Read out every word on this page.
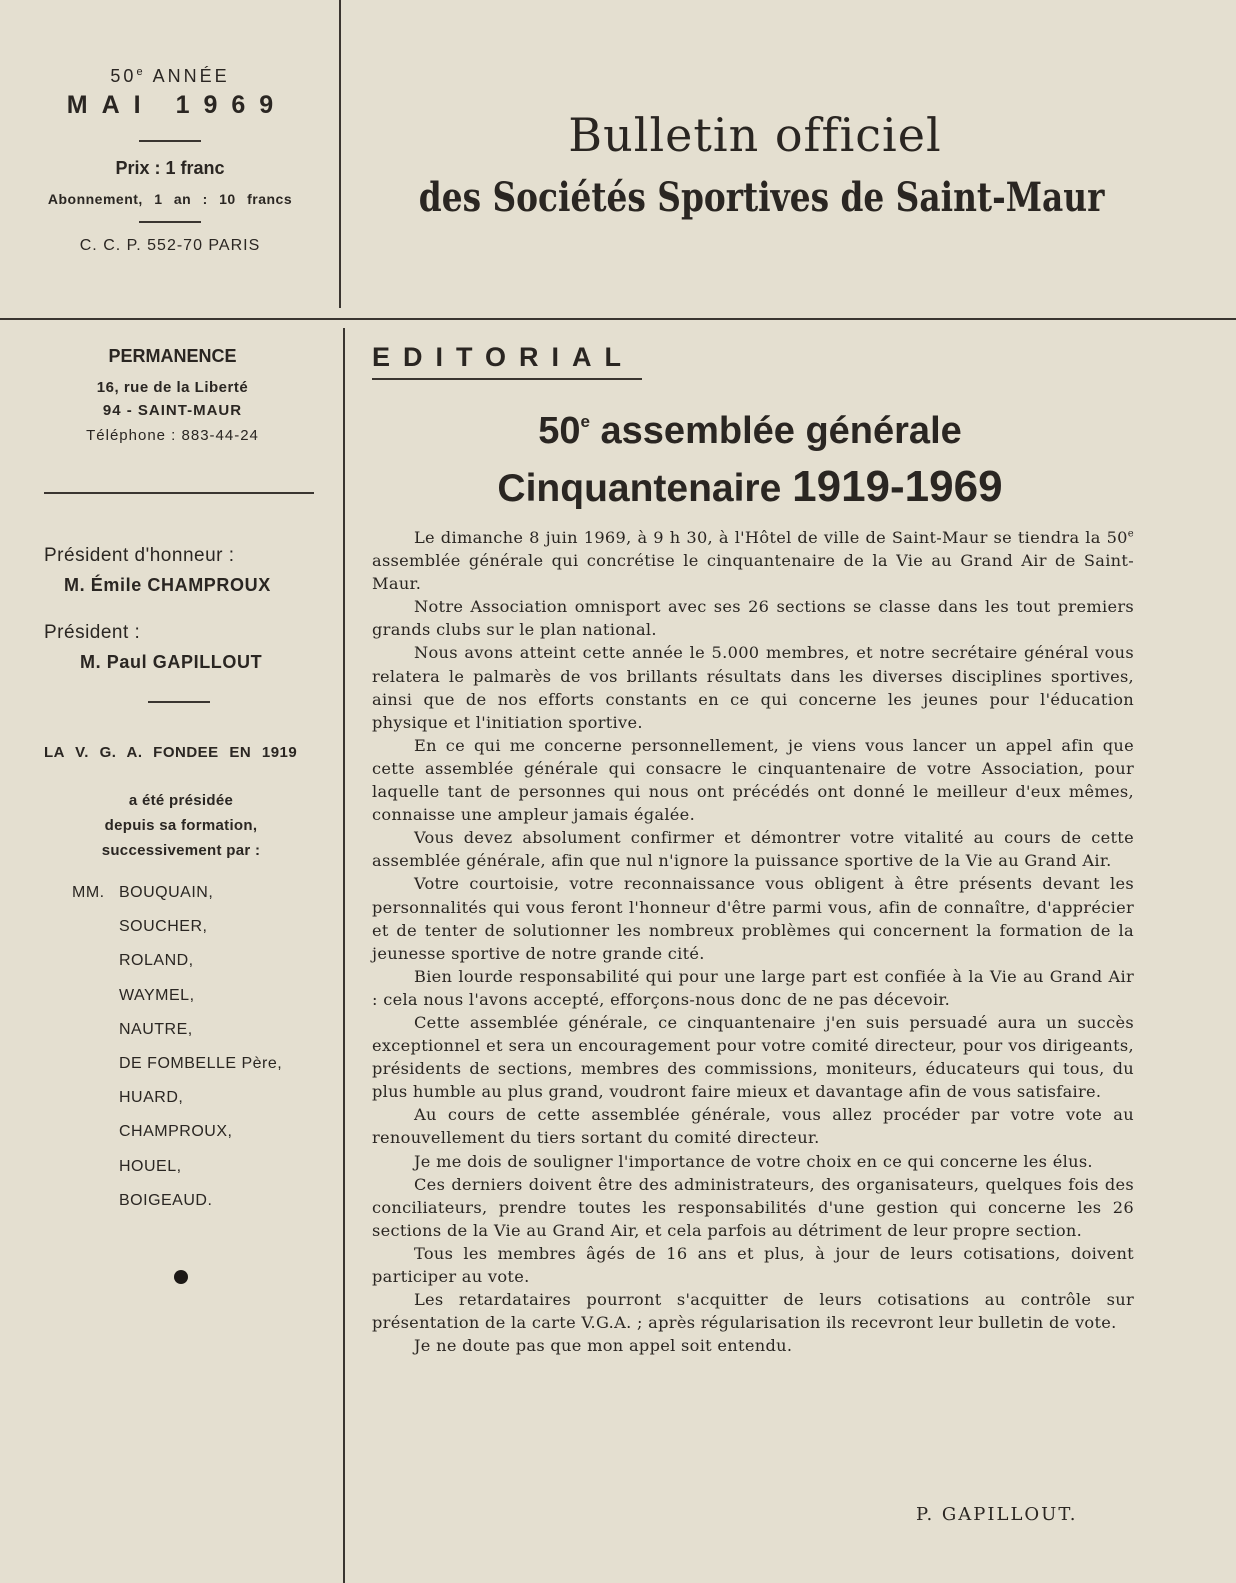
50e ANNÉE
MAI 1969
Prix : 1 franc
Abonnement, 1 an : 10 francs
C. C. P. 552-70 PARIS
Bulletin officiel
des Sociétés Sportives de Saint-Maur
PERMANENCE
16, rue de la Liberté
94 - SAINT-MAUR
Téléphone : 883-44-24
Président d'honneur :
M. Émile CHAMPROUX
Président :
M. Paul GAPILLOUT
LA V. G. A. FONDEE EN 1919
a été présidée
depuis sa formation,
successivement par :
MM. BOUQUAIN,
SOUCHER,
ROLAND,
WAYMEL,
NAUTRE,
DE FOMBELLE Père,
HUARD,
CHAMPROUX,
HOUEL,
BOIGEAUD.
EDITORIAL
50e assemblée générale
Cinquantenaire 1919-1969

Le dimanche 8 juin 1969, à 9 h 30, à l'Hôtel de ville de Saint-Maur se tiendra la 50e assemblée générale qui concrétise le cinquantenaire de la Vie au Grand Air de Saint-Maur.

Notre Association omnisport avec ses 26 sections se classe dans les tout premiers grands clubs sur le plan national.

Nous avons atteint cette année le 5.000 membres, et notre secrétaire général vous relatera le palmarès de vos brillants résultats dans les diverses disciplines sportives, ainsi que de nos efforts constants en ce qui concerne les jeunes pour l'éducation physique et l'initiation sportive.

En ce qui me concerne personnellement, je viens vous lancer un appel afin que cette assemblée générale qui consacre le cinquantenaire de votre Association, pour laquelle tant de personnes qui nous ont précédés ont donné le meilleur d'eux mêmes, connaisse une ampleur jamais égalée.

Vous devez absolument confirmer et démontrer votre vitalité au cours de cette assemblée générale, afin que nul n'ignore la puissance sportive de la Vie au Grand Air.

Votre courtoisie, votre reconnaissance vous obligent à être présents devant les personnalités qui vous feront l'honneur d'être parmi vous, afin de connaître, d'apprécier et de tenter de solutionner les nombreux problèmes qui concernent la formation de la jeunesse sportive de notre grande cité.

Bien lourde responsabilité qui pour une large part est confiée à la Vie au Grand Air : cela nous l'avons accepté, efforçons-nous donc de ne pas décevoir.

Cette assemblée générale, ce cinquantenaire j'en suis persuadé aura un succès exceptionnel et sera un encouragement pour votre comité directeur, pour vos dirigeants, présidents de sections, membres des commissions, moniteurs, éducateurs qui tous, du plus humble au plus grand, voudront faire mieux et davantage afin de vous satisfaire.

Au cours de cette assemblée générale, vous allez procéder par votre vote au renouvellement du tiers sortant du comité directeur.

Je me dois de souligner l'importance de votre choix en ce qui concerne les élus.

Ces derniers doivent être des administrateurs, des organisateurs, quelques fois des conciliateurs, prendre toutes les responsabilités d'une gestion qui concerne les 26 sections de la Vie au Grand Air, et cela parfois au détriment de leur propre section.

Tous les membres âgés de 16 ans et plus, à jour de leurs cotisations, doivent participer au vote.

Les retardataires pourront s'acquitter de leurs cotisations au contrôle sur présentation de la carte V.G.A. ; après régularisation ils recevront leur bulletin de vote.

Je ne doute pas que mon appel soit entendu.

P. GAPILLOUT.
